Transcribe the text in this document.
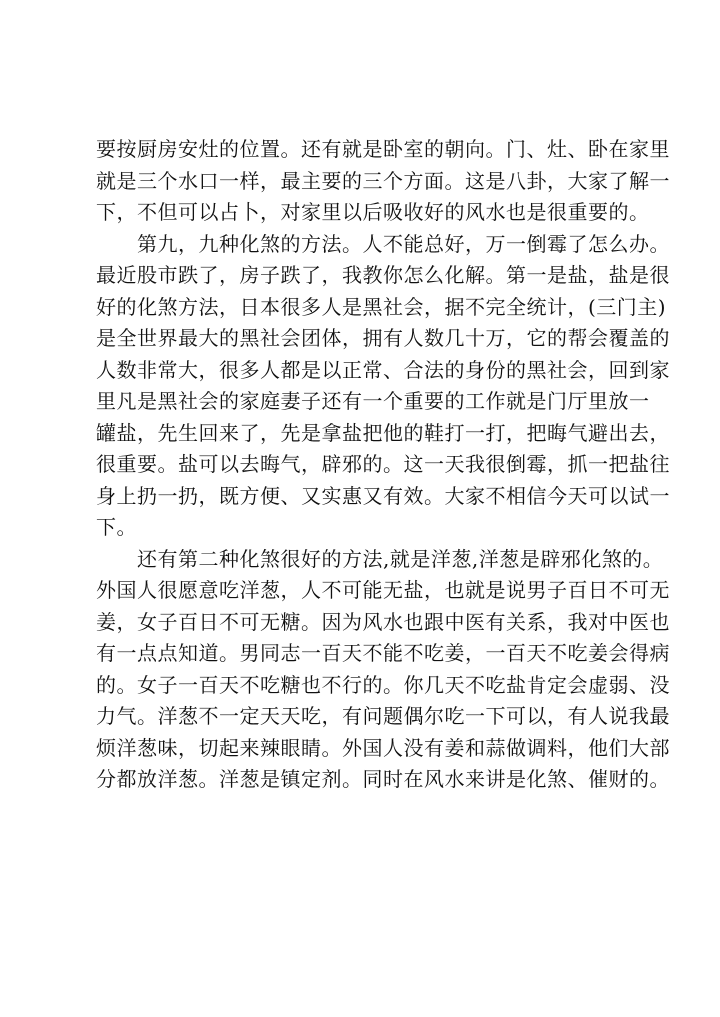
要按厨房安灶的位置。还有就是卧室的朝向。门、灶、卧在家里
就是三个水口一样，最主要的三个方面。这是八卦，大家了解一
下，不但可以占卜，对家里以后吸收好的风水也是很重要的。
　　第九，九种化煞的方法。人不能总好，万一倒霉了怎么办。
最近股市跌了，房子跌了，我教你怎么化解。第一是盐，盐是很
好的化煞方法，日本很多人是黑社会，据不完全统计，(三门主)
是全世界最大的黑社会团体，拥有人数几十万，它的帮会覆盖的
人数非常大，很多人都是以正常、合法的身份的黑社会，回到家
里凡是黑社会的家庭妻子还有一个重要的工作就是门厅里放一
罐盐，先生回来了，先是拿盐把他的鞋打一打，把晦气避出去，
很重要。盐可以去晦气，辟邪的。这一天我很倒霉，抓一把盐往
身上扔一扔，既方便、又实惠又有效。大家不相信今天可以试一
下。
　　还有第二种化煞很好的方法,就是洋葱,洋葱是辟邪化煞的。
外国人很愿意吃洋葱，人不可能无盐，也就是说男子百日不可无
姜，女子百日不可无糖。因为风水也跟中医有关系，我对中医也
有一点点知道。男同志一百天不能不吃姜，一百天不吃姜会得病
的。女子一百天不吃糖也不行的。你几天不吃盐肯定会虚弱、没
力气。洋葱不一定天天吃，有问题偶尔吃一下可以，有人说我最
烦洋葱味，切起来辣眼睛。外国人没有姜和蒜做调料，他们大部
分都放洋葱。洋葱是镇定剂。同时在风水来讲是化煞、催财的。
